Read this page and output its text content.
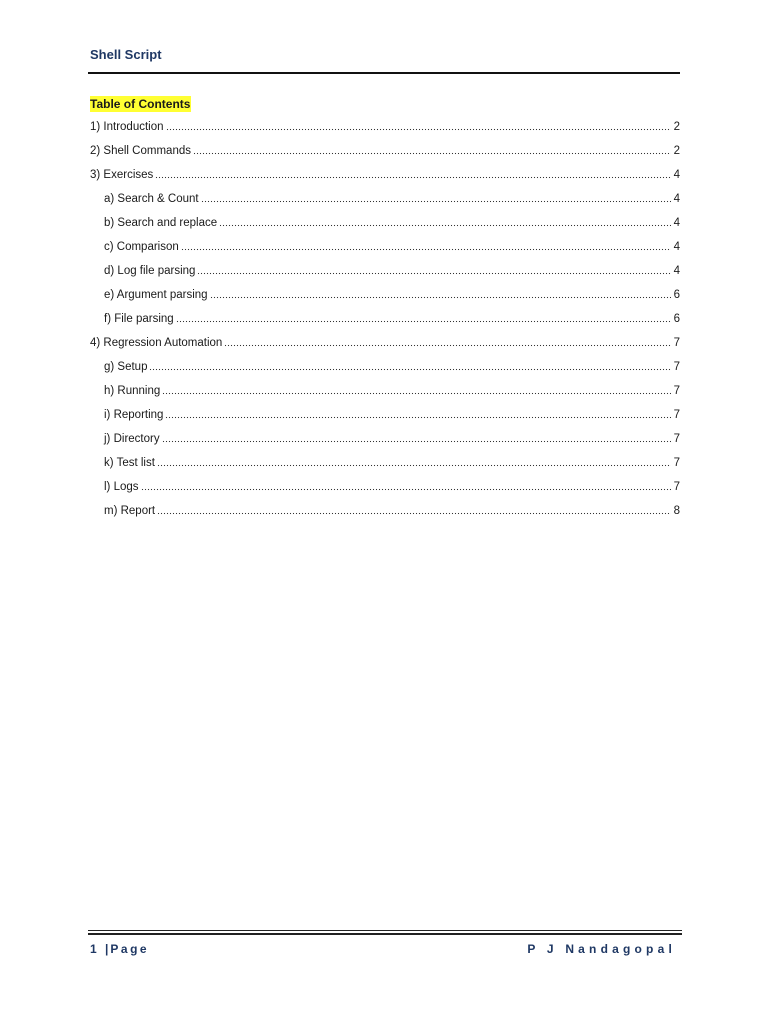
Shell Script
Table of Contents
1) Introduction	2
2) Shell Commands	2
3) Exercises	4
a) Search & Count	4
b) Search and replace	4
c) Comparison	4
d) Log file parsing	4
e) Argument parsing	6
f) File parsing	6
4) Regression Automation	7
g) Setup	7
h) Running	7
i) Reporting	7
j) Directory	7
k) Test list	7
l) Logs	7
m) Report	8
1 | Page	P J Nandagopal
